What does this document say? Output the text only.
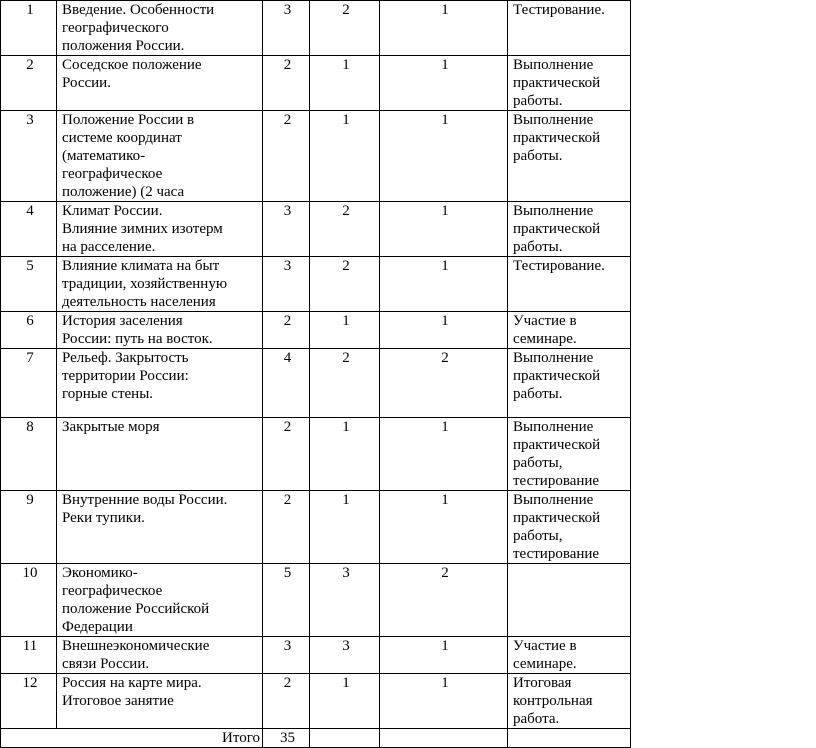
1	Введение. Особенности
географического
положения России.	3	2	1	Тестирование.
2	Соседское положение
России.	2	1	1	Выполнение
практической
работы.
3	Положение России в
системе координат
(математико-
географическое
положение) (2 часа	2	1	1	Выполнение
практической
работы.
4	Климат России.
Влияние зимних изотерм
на расселение.	3	2	1	Выполнение
практической
работы.
5	Влияние климата на быт
традиции, хозяйственную
деятельность населения	3	2	1	Тестирование.
6	История заселения
России: путь на восток.	2	1	1	Участие в
семинаре.
7	Рельеф. Закрытость
территории России:
горные стены.	4	2	2	Выполнение
практической
работы.
8	Закрытые моря	2	1	1	Выполнение
практической
работы,
тестирование
9	Внутренние воды России.
Реки тупики.	2	1	1	Выполнение
практической
работы,
тестирование
10	Экономико-
географическое
положение Российской
Федерации	5	3	2	
11	Внешнеэкономические
связи России.	3	3	1	Участие в
семинаре.
12	Россия на карте мира.
Итоговое занятие	2	1	1	Итоговая
контрольная
работа.
Итого		35			
